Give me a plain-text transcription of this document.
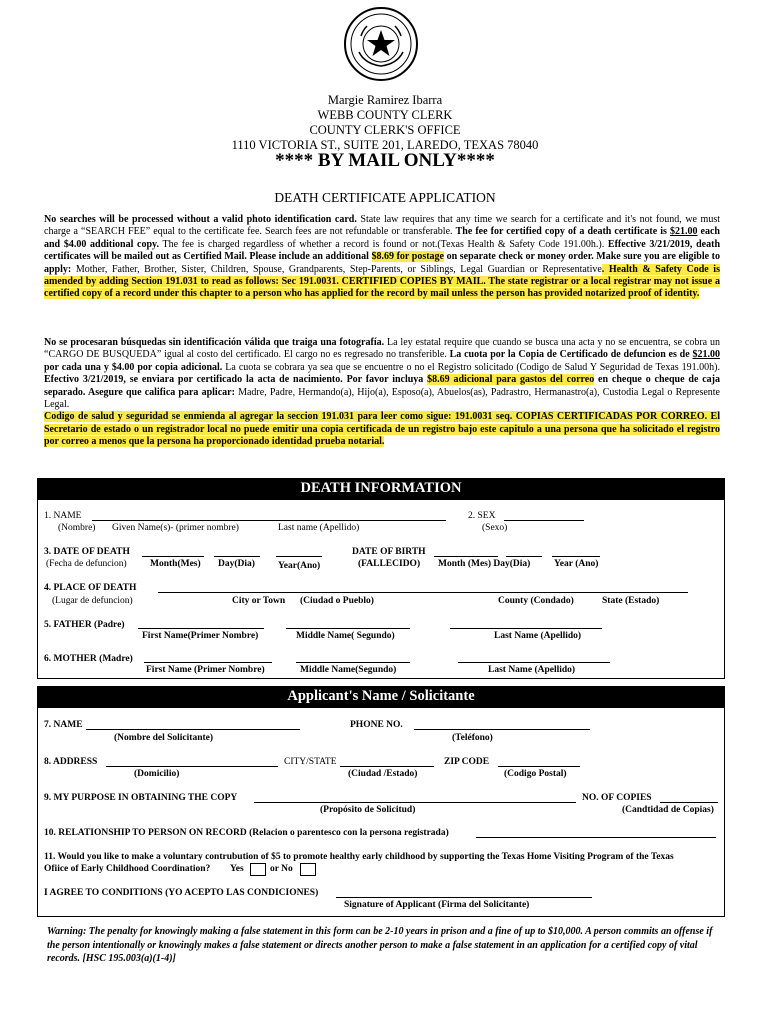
Margie Ramirez Ibarra
WEBB COUNTY CLERK
COUNTY CLERK'S OFFICE
1110 VICTORIA ST., SUITE 201, LAREDO, TEXAS 78040
**** BY MAIL ONLY****
DEATH CERTIFICATE APPLICATION
No searches will be processed without a valid photo identification card. State law requires that any time we search for a certificate and it's not found, we must charge a “SEARCH FEE” equal to the certificate fee. Search fees are not refundable or transferable. The fee for certified copy of a death certificate is $21.00 each and $4.00 additional copy. The fee is charged regardless of whether a record is found or not.(Texas Health & Safety Code 191.00h.). Effective 3/21/2019, death certificates will be mailed out as Certified Mail. Please include an additional $8.69 for postage on separate check or money order. Make sure you are eligible to apply: Mother, Father, Brother, Sister, Children, Spouse, Grandparents, Step-Parents, or Siblings, Legal Guardian or Representative. Health & Safety Code is amended by adding Section 191.031 to read as follows: Sec 191.0031. CERTIFIED COPIES BY MAIL. The state registrar or a local registrar may not issue a certified copy of a record under this chapter to a person who has applied for the record by mail unless the person has provided notarized proof of identity.
No se procesaran búsquedas sin identificación válida que traiga una fotografía. La ley estatal require que cuando se busca una acta y no se encuentra, se cobra un “CARGO DE BUSQUEDA” igual al costo del certificado. El cargo no es regresado no transferible. La cuota por la Copia de Certificado de defuncion es de $21.00 por cada una y $4.00 por copia adicional. La cuota se cobrara ya sea que se encuentre o no el Registro solicitado (Codigo de Salud Y Seguridad de Texas 191.00h). Efectivo 3/21/2019, se enviara por certificado la acta de nacimiento. Por favor incluya $8.69 adicional para gastos del correo en cheque o cheque de caja separado. Asegure que califica para aplicar: Madre, Padre, Hermando(a), Hijo(a), Esposo(a), Abuelos(as), Padrastro, Hermanastro(a), Custodia Legal o Represente Legal.
Codigo de salud y seguridad se enmienda al agregar la seccion 191.031 para leer como sigue: 191.0031 seq. COPIAS CERTIFICADAS POR CORREO. El Secretario de estado o un registrador local no puede emitir una copia certificada de un registro bajo este capitulo a una persona que ha solicitado el registro por correo a menos que la persona ha proporcionado identidad prueba notarial.
DEATH INFORMATION
1. NAME	2. SEX
(Nombre) Given Name(s)- (primer nombre)	Last name (Apellido)	(Sexo)
3. DATE OF DEATH
(Fecha de defuncion) Month(Mes) Day(Dia) Year(Ano)
DATE OF BIRTH
(FALLECIDO) Month (Mes) Day(Dia) Year (Ano)
4. PLACE OF DEATH
(Lugar de defuncion)	City or Town (Ciudad o Pueblo)	County (Condado)	State (Estado)
5. FATHER (Padre)
First Name(Primer Nombre)	Middle Name( Segundo)	Last Name (Apellido)
6. MOTHER (Madre)
First Name (Primer Nombre)	Middle Name(Segundo)	Last Name (Apellido)
Applicant's Name / Solicitante
7. NAME
(Nombre del Solicitante)
PHONE NO.
(Teléfono)
8. ADDRESS
(Domicilio)
CITY/STATE
(Ciudad /Estado)
ZIP CODE
(Codigo Postal)
9. MY PURPOSE IN OBTAINING THE COPY
(Propósito de Solicitud)
NO. OF COPIES
(Candtidad de Copias)
10. RELATIONSHIP TO PERSON ON RECORD (Relacion o parentesco con la persona registrada)
11. Would you like to make a voluntary contrubution of $5 to promote healthy early childhood by supporting the Texas Home Visiting Program of the Texas
Ofiice of Early Childhood Coordination? Yes	or No
I AGREE TO CONDITIONS (YO ACEPTO LAS CONDICIONES)
Signature of Applicant (Firma del Solicitante)
Warning: The penalty for knowingly making a false statement in this form can be 2-10 years in prison and a fine of up to $10,000. A person commits an offense if the person intentionally or knowingly makes a false statement or directs another person to make a false statement in an application for a certified copy of vital records. [HSC 195.003(a)(1-4)]
